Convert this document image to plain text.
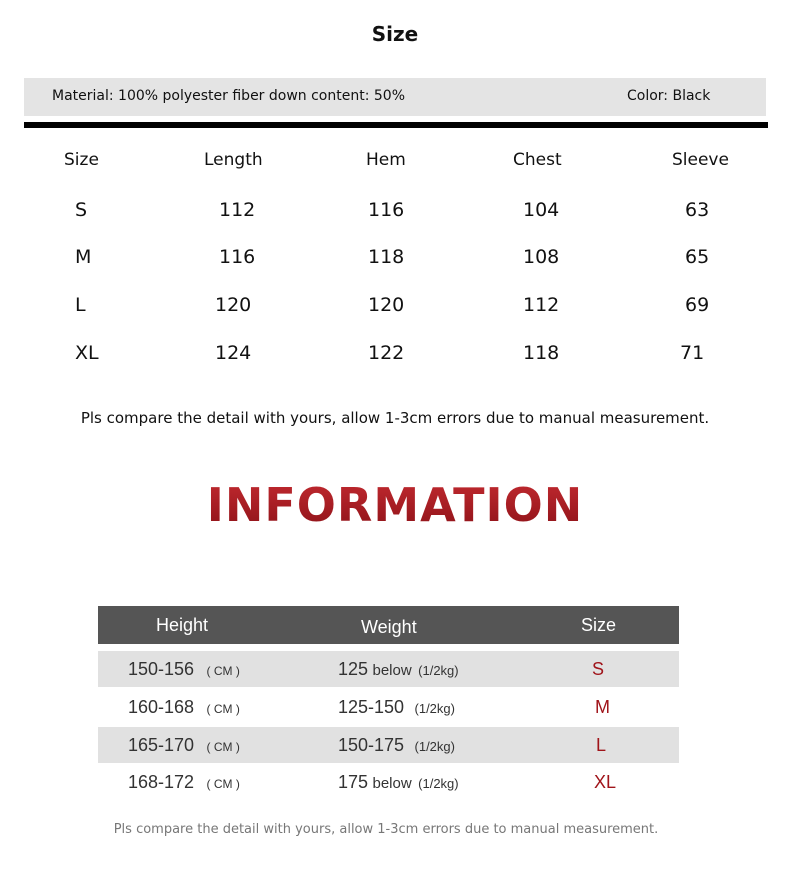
Size
Material: 100% polyester fiber down content: 50%	Color: Black
Size	Length	Hem	Chest	Sleeve
S	112	116	104	63
M	116	118	108	65
L	120	120	112	69
XL	124	122	118	71
Pls compare the detail with yours, allow 1-3cm errors due to manual measurement.
INFORMATION
Height	Weight	Size
150-156 ( CM )	125 below (1/2kg)	S
160-168 ( CM )	125-150 (1/2kg)	M
165-170 ( CM )	150-175 (1/2kg)	L
168-172 ( CM )	175 below (1/2kg)	XL
Pls compare the detail with yours, allow 1-3cm errors due to manual measurement.
